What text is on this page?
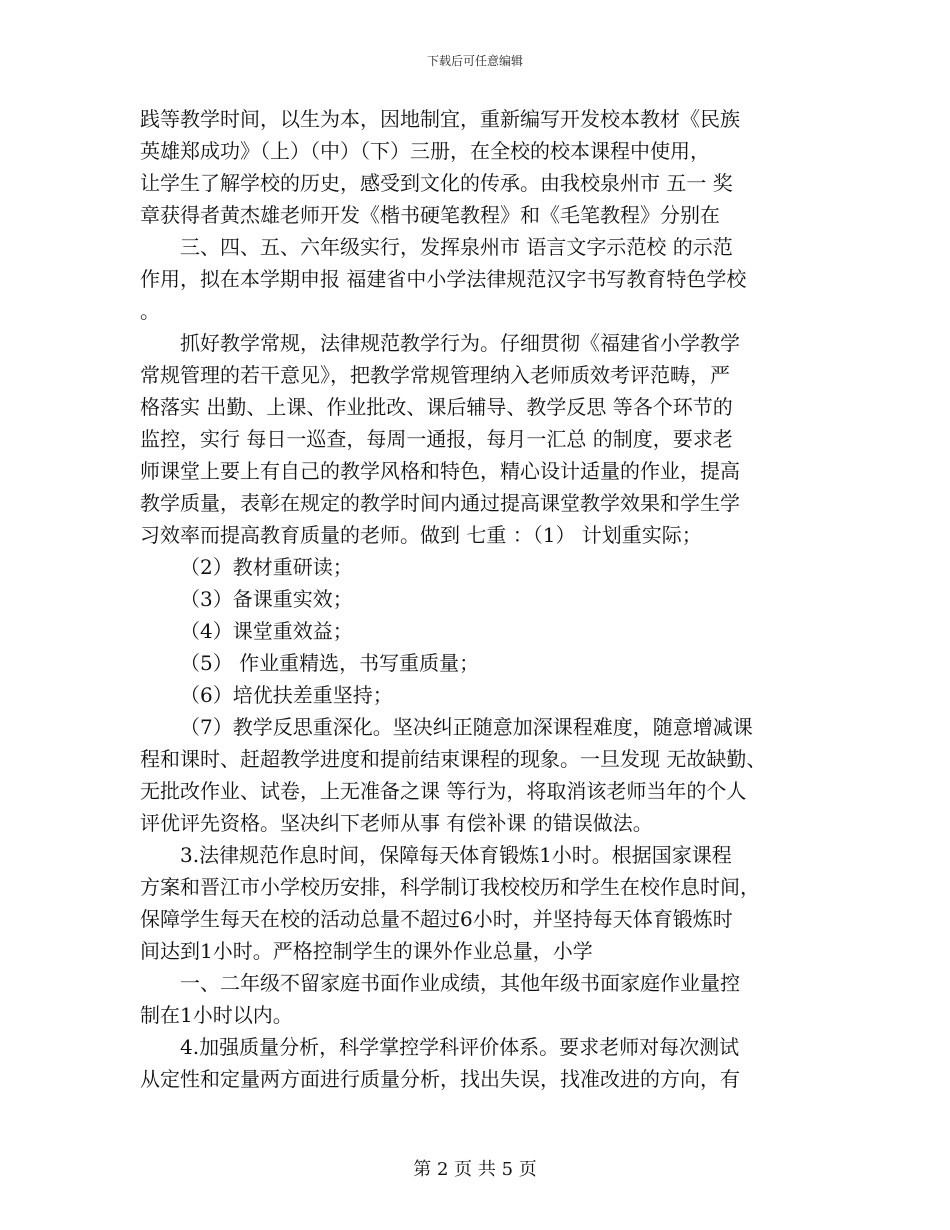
下载后可任意编辑
践等教学时间，以生为本，因地制宜，重新编写开发校本教材《民族
英雄郑成功》（上）（中）（下）三册，在全校的校本课程中使用，
让学生了解学校的历史，感受到文化的传承。由我校泉州市 五一 奖
章获得者黄杰雄老师开发《楷书硬笔教程》和《毛笔教程》分别在
三、四、五、六年级实行，发挥泉州市 语言文字示范校 的示范
作用，拟在本学期申报 福建省中小学法律规范汉字书写教育特色学校
。
抓好教学常规，法律规范教学行为。仔细贯彻《福建省小学教学
常规管理的若干意见》，把教学常规管理纳入老师质效考评范畴，严
格落实 出勤、上课、作业批改、课后辅导、教学反思 等各个环节的
监控，实行 每日一巡查，每周一通报，每月一汇总 的制度，要求老
师课堂上要上有自己的教学风格和特色，精心设计适量的作业，提高
教学质量，表彰在规定的教学时间内通过提高课堂教学效果和学生学
习效率而提高教育质量的老师。做到 七重 ：（1） 计划重实际；
（2）教材重研读；
（3）备课重实效；
（4）课堂重效益；
（5） 作业重精选，书写重质量；
（6）培优扶差重坚持；
（7）教学反思重深化。坚决纠正随意加深课程难度，随意增减课
程和课时、赶超教学进度和提前结束课程的现象。一旦发现 无故缺勤、
无批改作业、试卷，上无准备之课 等行为，将取消该老师当年的个人
评优评先资格。坚决纠下老师从事 有偿补课 的错误做法。
3.法律规范作息时间，保障每天体育锻炼1小时。根据国家课程
方案和晋江市小学校历安排，科学制订我校校历和学生在校作息时间，
保障学生每天在校的活动总量不超过6小时，并坚持每天体育锻炼时
间达到1小时。严格控制学生的课外作业总量，小学
一、二年级不留家庭书面作业成绩，其他年级书面家庭作业量控
制在1小时以内。
4.加强质量分析，科学掌控学科评价体系。要求老师对每次测试
从定性和定量两方面进行质量分析，找出失误，找准改进的方向，有
第 2 页 共 5 页
